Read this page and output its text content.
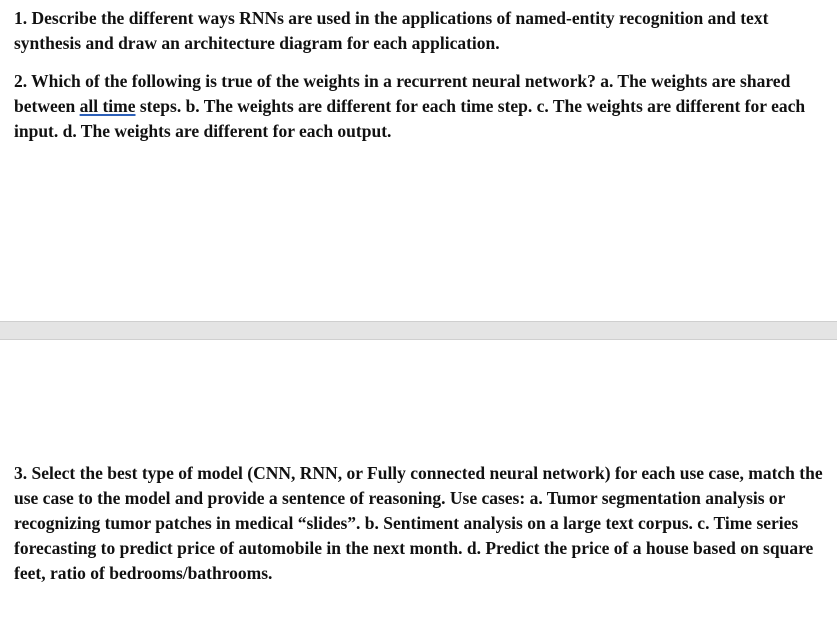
1. Describe the different ways RNNs are used in the applications of named-entity recognition and text synthesis and draw an architecture diagram for each application.

2. Which of the following is true of the weights in a recurrent neural network? a. The weights are shared between all time steps. b. The weights are different for each time step. c. The weights are different for each input. d. The weights are different for each output.

3. Select the best type of model (CNN, RNN, or Fully connected neural network) for each use case, match the use case to the model and provide a sentence of reasoning. Use cases: a. Tumor segmentation analysis or recognizing tumor patches in medical “slides”. b. Sentiment analysis on a large text corpus. c. Time series forecasting to predict price of automobile in the next month. d. Predict the price of a house based on square feet, ratio of bedrooms/bathrooms.
